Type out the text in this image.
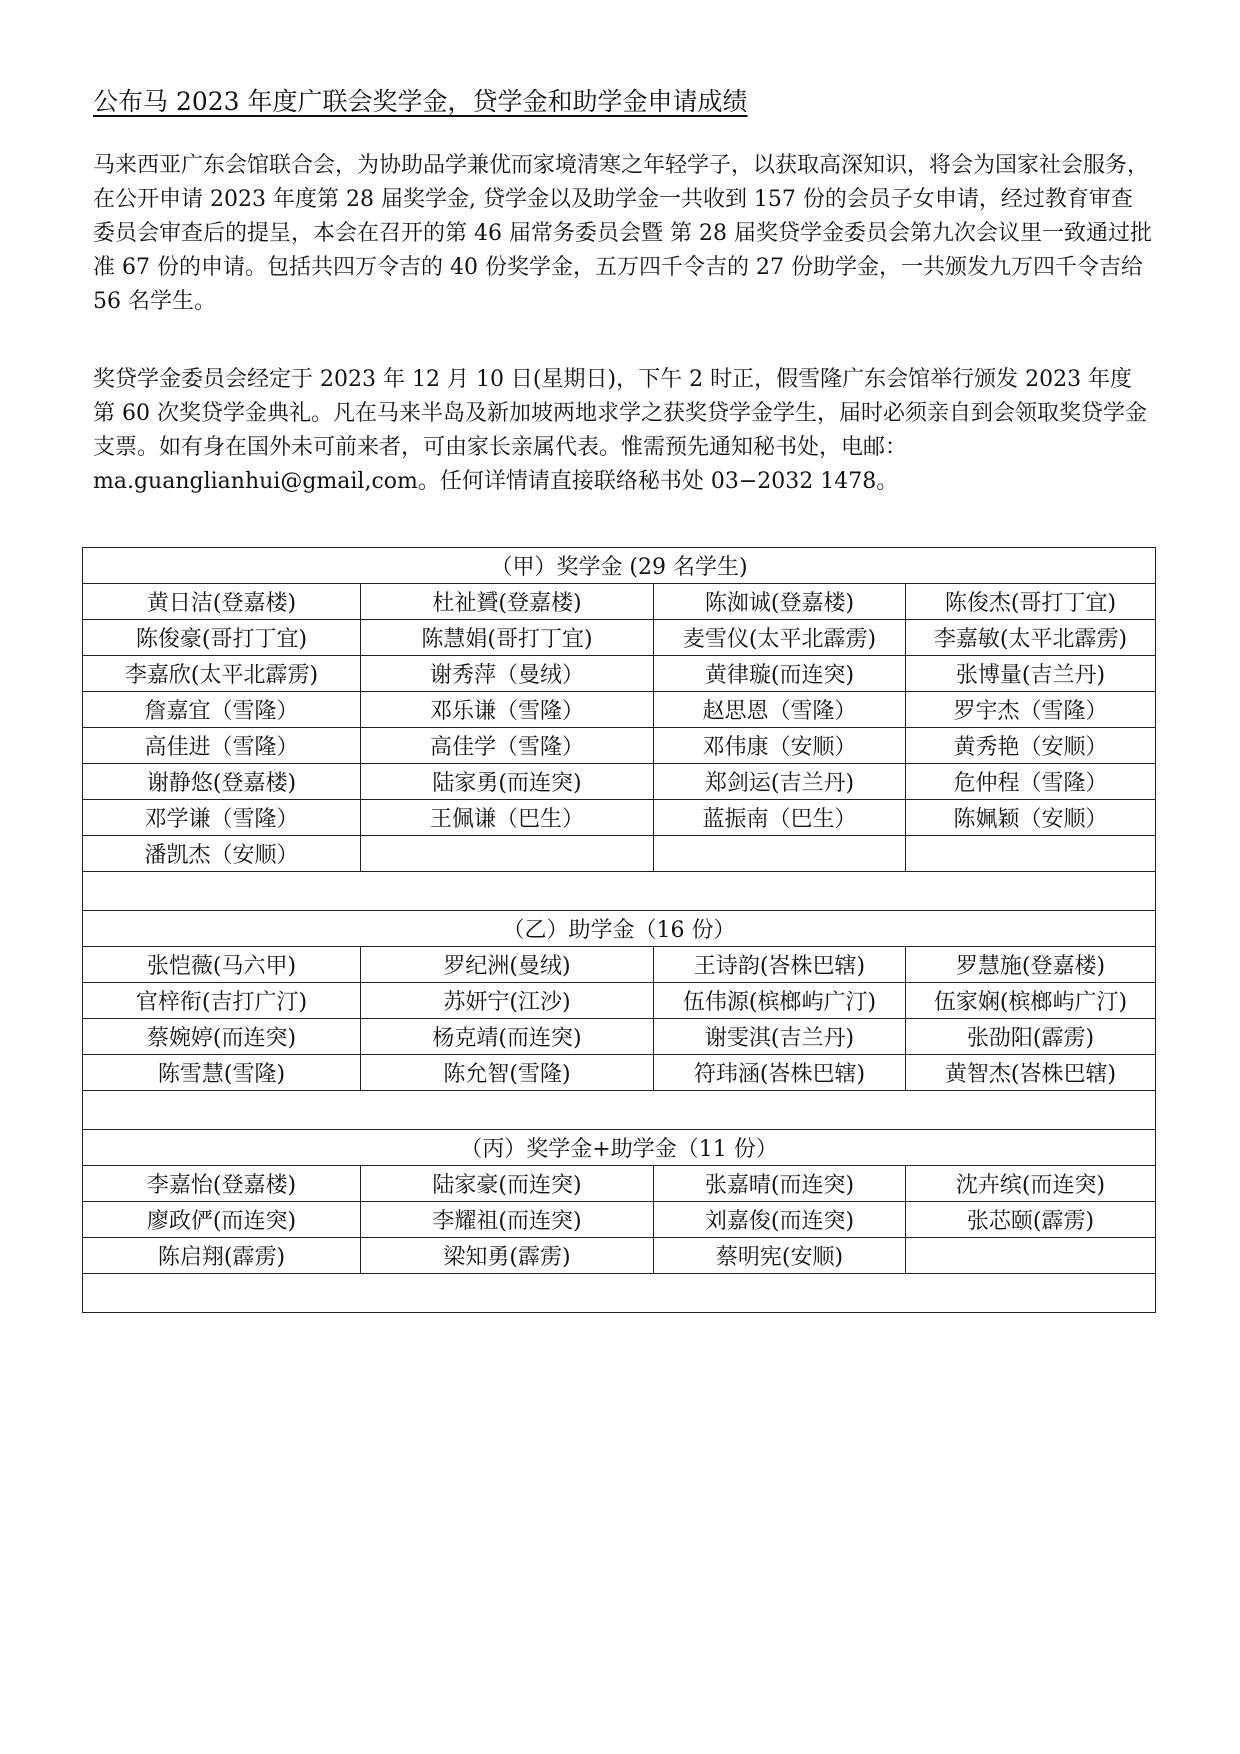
公布马 2023 年度广联会奖学金，贷学金和助学金申请成绩

马来西亚广东会馆联合会，为协助品学兼优而家境清寒之年轻学子，以获取高深知识，将会为国家社会服务，在公开申请 2023 年度第 28 届奖学金, 贷学金以及助学金一共收到 157 份的会员子女申请，经过教育审查委员会审查后的提呈，本会在召开的第 46 届常务委员会暨 第 28 届奖贷学金委员会第九次会议里一致通过批准 67 份的申请。包括共四万令吉的 40 份奖学金，五万四千令吉的 27 份助学金，一共颁发九万四千令吉给 56 名学生。

奖贷学金委员会经定于 2023 年 12 月 10 日(星期日)，下午 2 时正，假雪隆广东会馆举行颁发 2023 年度第 60 次奖贷学金典礼。凡在马来半岛及新加坡两地求学之获奖贷学金学生，届时必须亲自到会领取奖贷学金支票。如有身在国外未可前来者，可由家长亲属代表。惟需预先通知秘书处，电邮：ma.guanglianhui@gmail,com。任何详情请直接联络秘书处 03−2032 1478。

（甲）奖学金 (29 名学生)			
黄日洁(登嘉楼)	杜祉贇(登嘉楼)	陈洳诚(登嘉楼)	陈俊杰(哥打丁宜)
陈俊豪(哥打丁宜)	陈慧娟(哥打丁宜)	麦雪仪(太平北霹雳)	李嘉敏(太平北霹雳)
李嘉欣(太平北霹雳)	谢秀萍（曼绒）	黄律璇(而连突)	张博量(吉兰丹)
詹嘉宜（雪隆）	邓乐谦（雪隆）	赵思恩（雪隆）	罗宇杰（雪隆）
高佳进（雪隆）	高佳学（雪隆）	邓伟康（安顺）	黄秀艳（安顺）
谢静悠(登嘉楼)	陆家勇(而连突)	郑剑运(吉兰丹)	危仲程（雪隆）
邓学谦（雪隆）	王佩谦（巴生）	蓝振南（巴生）	陈姵颖（安顺）
潘凯杰（安顺）			

（乙）助学金（16 份）			
张恺薇(马六甲)	罗纪洲(曼绒)	王诗韵(峇株巴辖)	罗慧施(登嘉楼)
官梓衔(吉打广汀)	苏妍宁(江沙)	伍伟源(槟榔屿广汀)	伍家娴(槟榔屿广汀)
蔡婉婷(而连突)	杨克靖(而连突)	谢雯淇(吉兰丹)	张劭阳(霹雳)
陈雪慧(雪隆)	陈允智(雪隆)	符玮涵(峇株巴辖)	黄智杰(峇株巴辖)

（丙）奖学金+助学金（11 份）			
李嘉怡(登嘉楼)	陆家豪(而连突)	张嘉晴(而连突)	沈卉缤(而连突)
廖政俨(而连突)	李耀祖(而连突)	刘嘉俊(而连突)	张芯颐(霹雳)
陈启翔(霹雳)	梁知勇(霹雳)	蔡明宪(安顺)	
